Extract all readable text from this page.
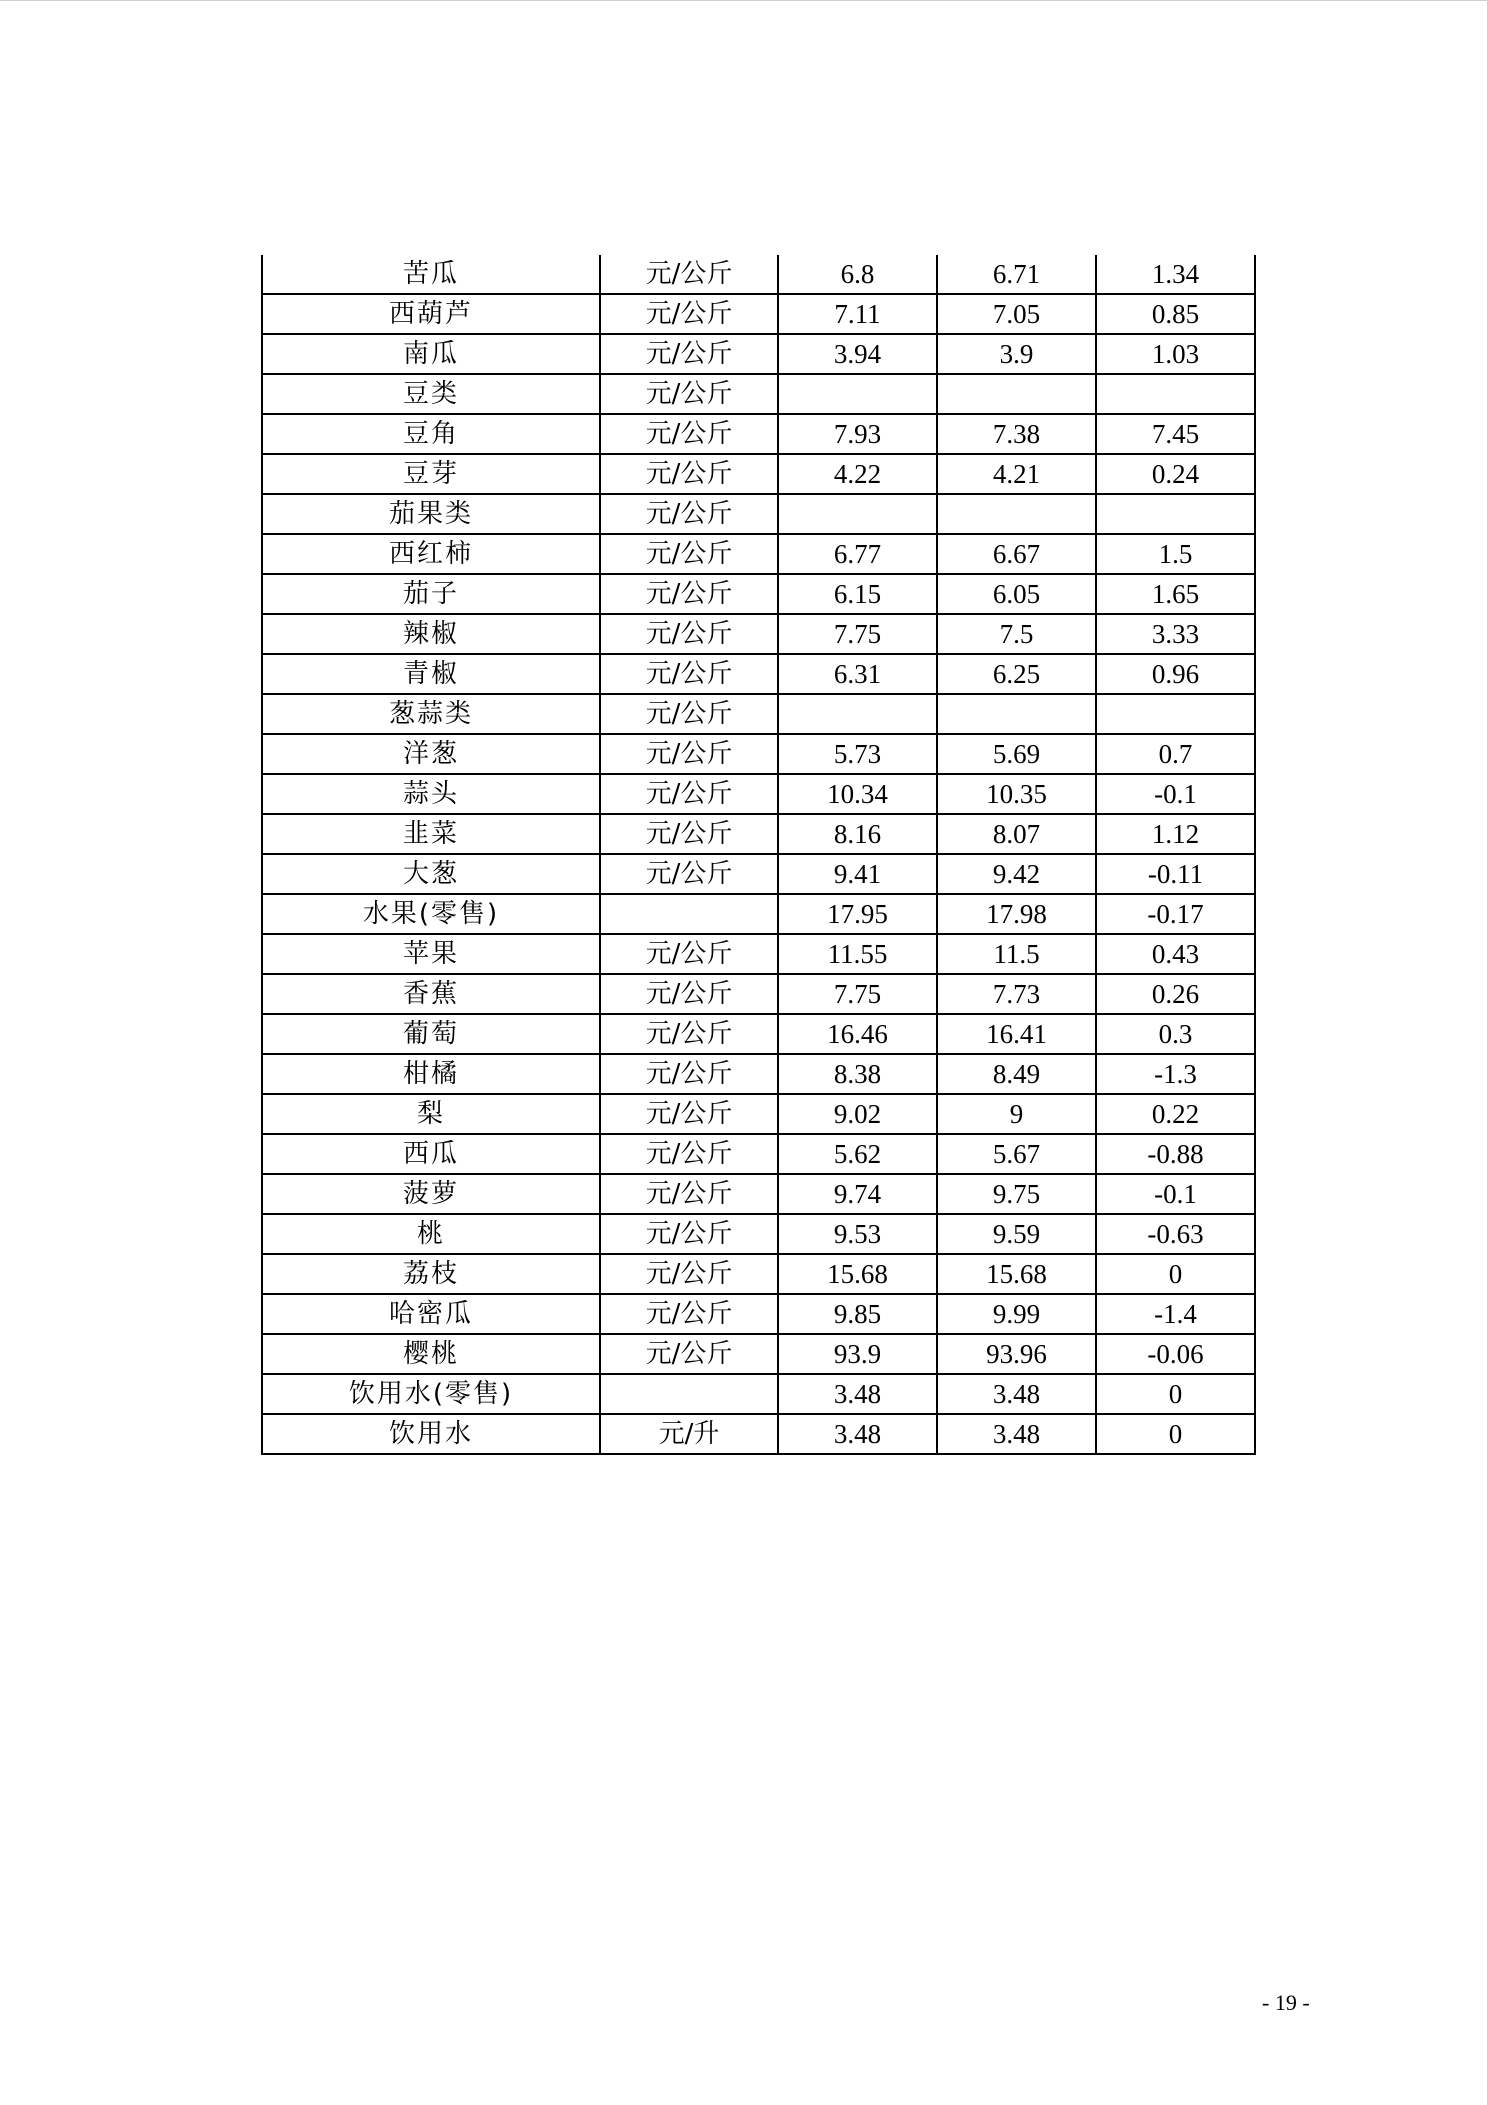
苦瓜	元/公斤	6.8	6.71	1.34
西葫芦	元/公斤	7.11	7.05	0.85
南瓜	元/公斤	3.94	3.9	1.03
豆类	元/公斤			
豆角	元/公斤	7.93	7.38	7.45
豆芽	元/公斤	4.22	4.21	0.24
茄果类	元/公斤			
西红柿	元/公斤	6.77	6.67	1.5
茄子	元/公斤	6.15	6.05	1.65
辣椒	元/公斤	7.75	7.5	3.33
青椒	元/公斤	6.31	6.25	0.96
葱蒜类	元/公斤			
洋葱	元/公斤	5.73	5.69	0.7
蒜头	元/公斤	10.34	10.35	-0.1
韭菜	元/公斤	8.16	8.07	1.12
大葱	元/公斤	9.41	9.42	-0.11
水果(零售)		17.95	17.98	-0.17
苹果	元/公斤	11.55	11.5	0.43
香蕉	元/公斤	7.75	7.73	0.26
葡萄	元/公斤	16.46	16.41	0.3
柑橘	元/公斤	8.38	8.49	-1.3
梨	元/公斤	9.02	9	0.22
西瓜	元/公斤	5.62	5.67	-0.88
菠萝	元/公斤	9.74	9.75	-0.1
桃	元/公斤	9.53	9.59	-0.63
荔枝	元/公斤	15.68	15.68	0
哈密瓜	元/公斤	9.85	9.99	-1.4
樱桃	元/公斤	93.9	93.96	-0.06
饮用水(零售)		3.48	3.48	0
饮用水	元/升	3.48	3.48	0
- 19 -
